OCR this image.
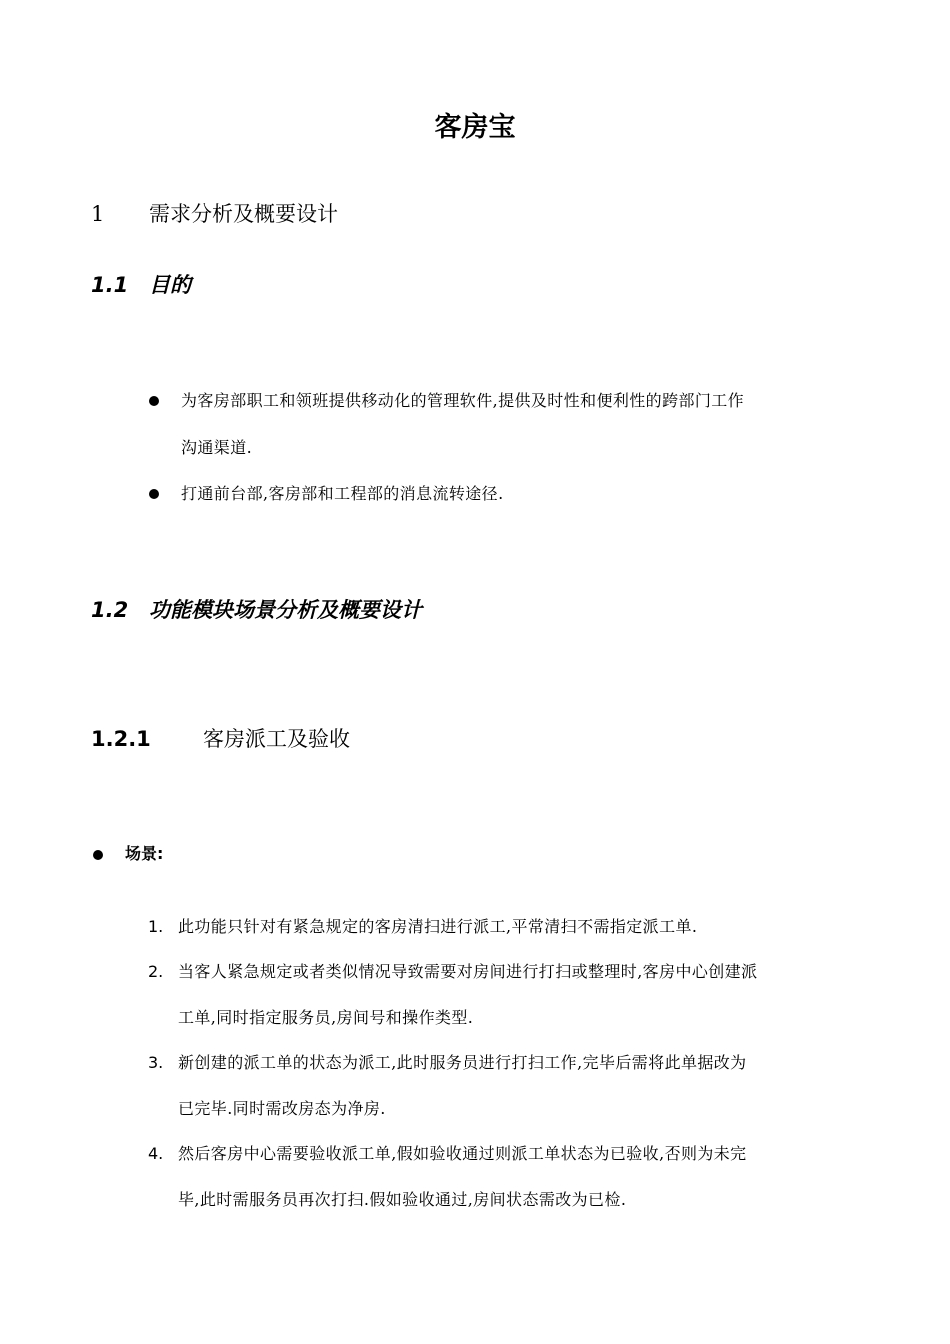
客房宝
1 需求分析及概要设计
1.1 目的
为客房部职工和领班提供移动化的管理软件,提供及时性和便利性的跨部门工作
沟通渠道.
打通前台部,客房部和工程部的消息流转途径.
1.2 功能模块场景分析及概要设计
1.2.1 客房派工及验收
场景:
1. 此功能只针对有紧急规定的客房清扫进行派工,平常清扫不需指定派工单.
2. 当客人紧急规定或者类似情况导致需要对房间进行打扫或整理时,客房中心创建派
工单,同时指定服务员,房间号和操作类型.
3. 新创建的派工单的状态为派工,此时服务员进行打扫工作,完毕后需将此单据改为
已完毕.同时需改房态为净房.
4. 然后客房中心需要验收派工单,假如验收通过则派工单状态为已验收,否则为未完
毕,此时需服务员再次打扫.假如验收通过,房间状态需改为已检.
